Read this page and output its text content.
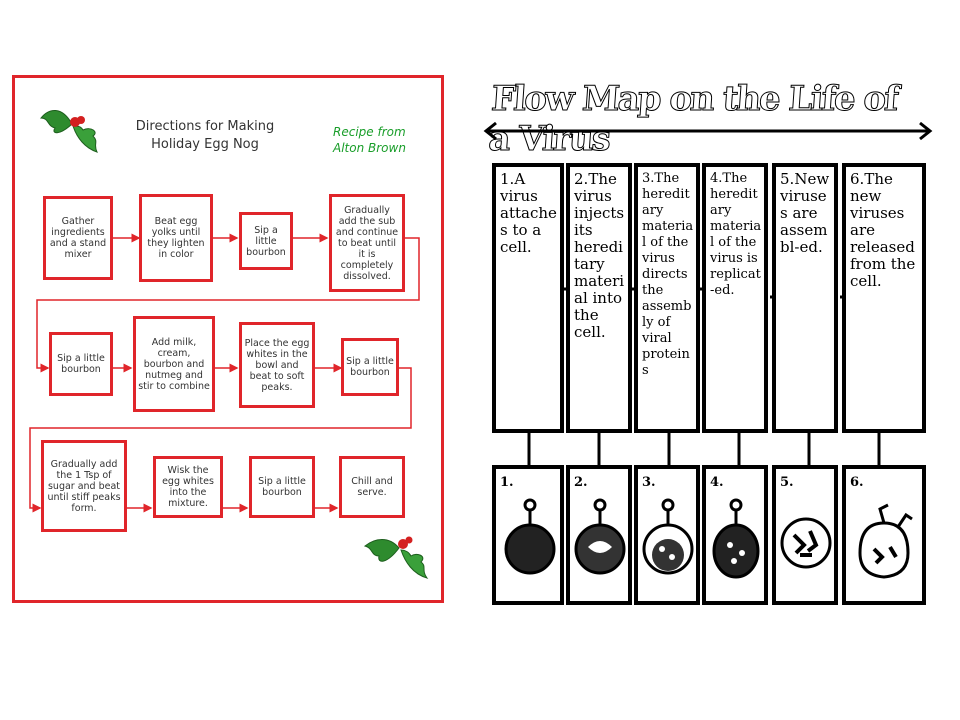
Directions for Making Holiday Egg Nog
Recipe from Alton Brown
Gather ingredients and a stand mixer
Beat egg yolks until they lighten in color
Sip a little bourbon
Gradually add the sub and continue to beat until it is completely dissolved.
Sip a little bourbon
Add milk, cream, bourbon and nutmeg and stir to combine
Place the egg whites in the bowl and beat to soft peaks.
Sip a little bourbon
Gradually add the 1 Tsp of sugar and beat until stiff peaks form.
Wisk the egg whites into the mixture.
Sip a little bourbon
Chill and serve.
Flow Map on the Life of a Virus
1.A virus attaches to a cell.
2.The virus injects its hereditary material into the cell.
3.The hereditary material of the virus directs the assembly of viral proteins
4.The hereditary material of the virus is replicat-ed.
5.New viruses are assembl-ed.
6.The new viruses are released from the cell.
1.	2.	3.	4.	5.	6.
